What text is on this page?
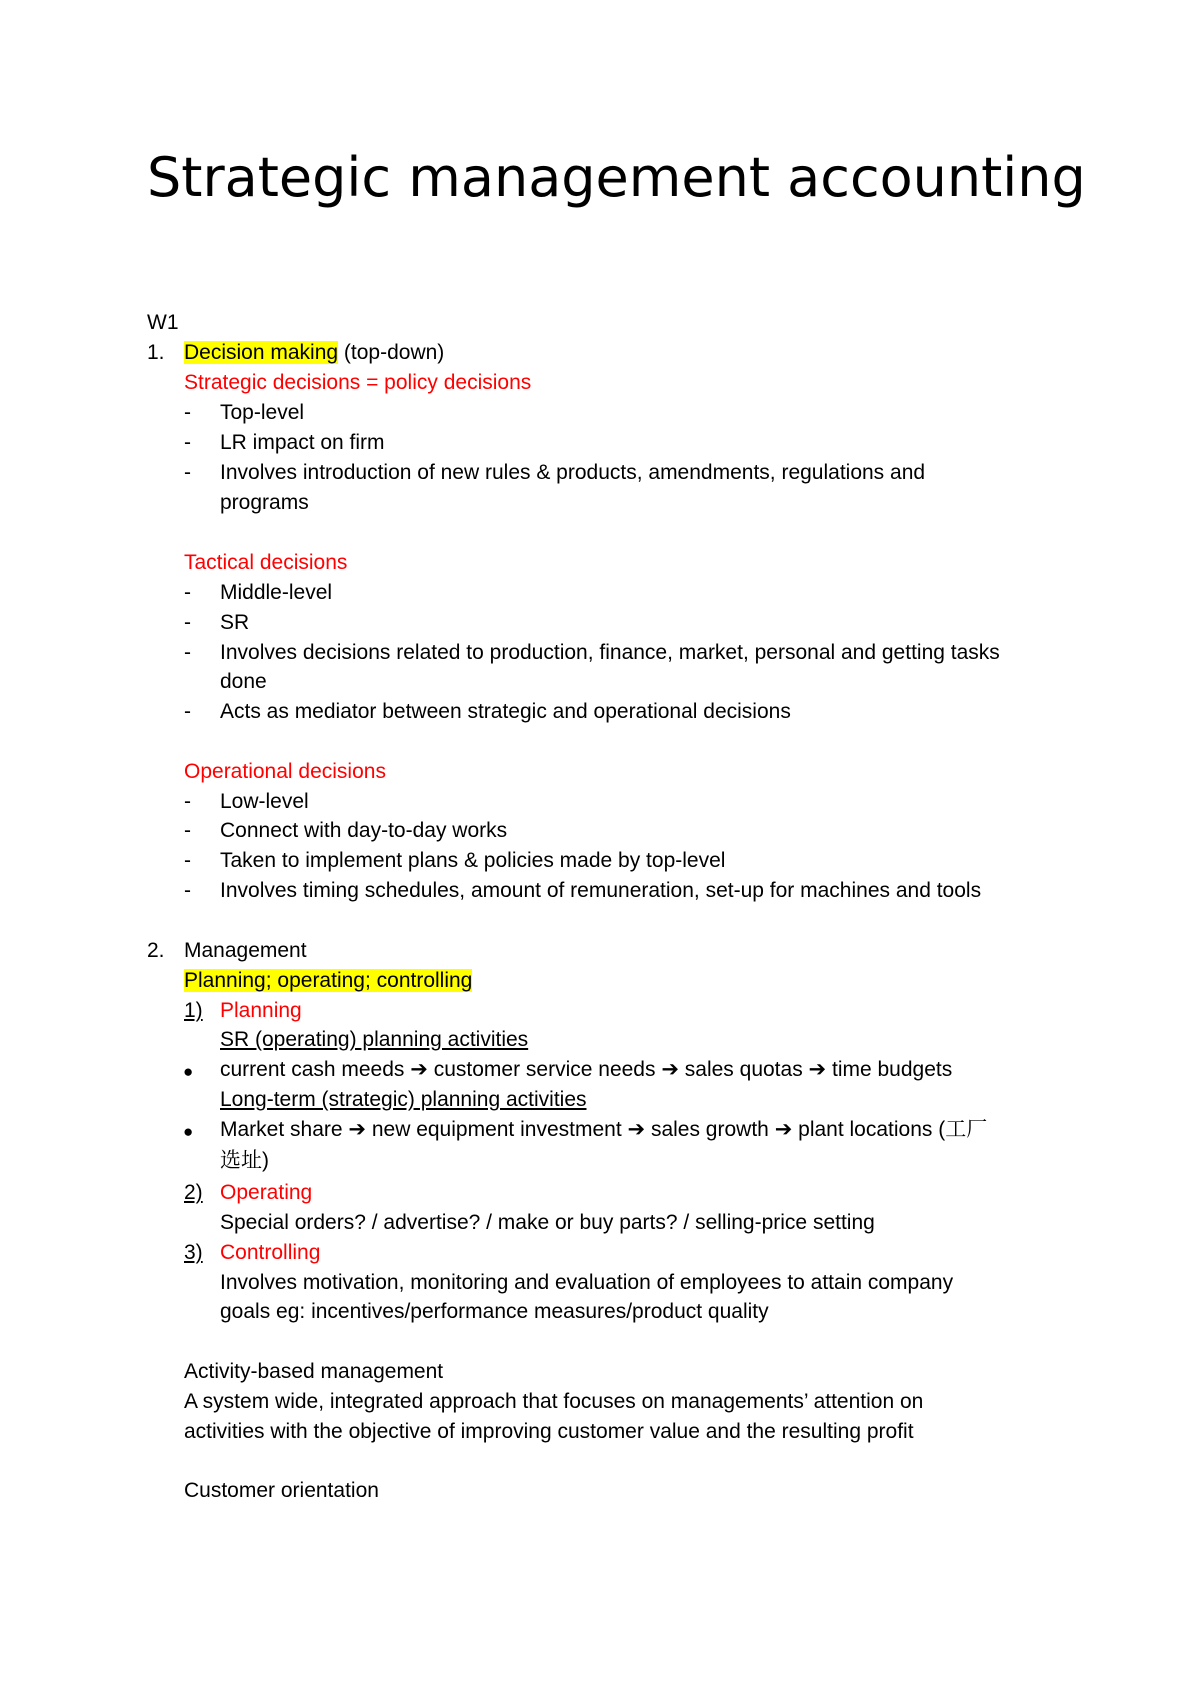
Strategic management accounting
W1
1. Decision making (top-down)
Strategic decisions = policy decisions
- Top-level
- LR impact on firm
- Involves introduction of new rules & products, amendments, regulations and
programs
Tactical decisions
- Middle-level
- SR
- Involves decisions related to production, finance, market, personal and getting tasks
done
- Acts as mediator between strategic and operational decisions
Operational decisions
- Low-level
- Connect with day-to-day works
- Taken to implement plans & policies made by top-level
- Involves timing schedules, amount of remuneration, set-up for machines and tools
2. Management
Planning; operating; controlling
1) Planning
SR (operating) planning activities
● current cash meeds ➔ customer service needs ➔ sales quotas ➔ time budgets
Long-term (strategic) planning activities
● Market share ➔ new equipment investment ➔ sales growth ➔ plant locations (工厂
选址)
2) Operating
Special orders? / advertise? / make or buy parts? / selling-price setting
3) Controlling
Involves motivation, monitoring and evaluation of employees to attain company
goals eg: incentives/performance measures/product quality
Activity-based management
A system wide, integrated approach that focuses on managements’ attention on
activities with the objective of improving customer value and the resulting profit
Customer orientation
